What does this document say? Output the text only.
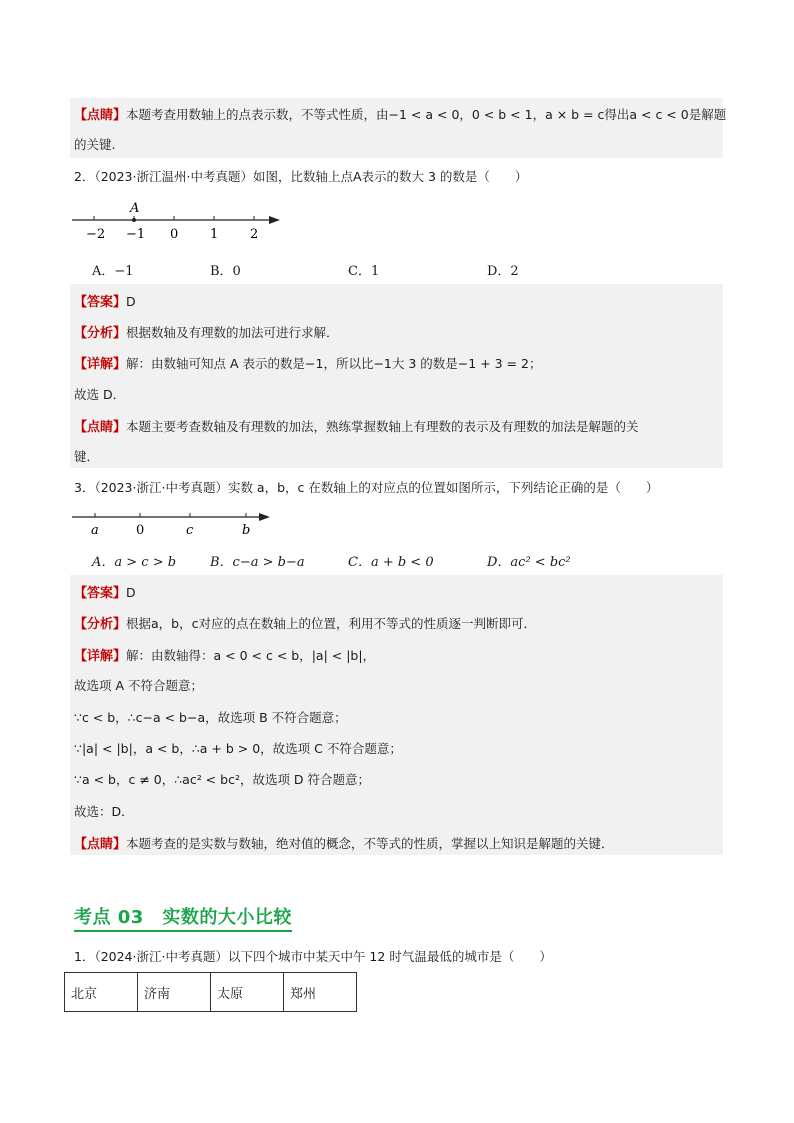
【点睛】本题考查用数轴上的点表示数，不等式性质，由−1 < a < 0，0 < b < 1，a × b = c得出a < c < 0是解题
的关键.
2．（2023·浙江温州·中考真题）如图，比数轴上点A表示的数大 3 的数是（　　）
A
−2 −1 0 1 2
A．−1	B．0	C．1	D．2
【答案】D
【分析】根据数轴及有理数的加法可进行求解．
【详解】解：由数轴可知点 A 表示的数是−1，所以比−1大 3 的数是−1 + 3 = 2；
故选 D．
【点睛】本题主要考查数轴及有理数的加法，熟练掌握数轴上有理数的表示及有理数的加法是解题的关
键．
3．（2023·浙江·中考真题）实数 a，b，c 在数轴上的对应点的位置如图所示，下列结论正确的是（　　）
a	0	c	b
A．a > c > b	B．c−a > b−a	C．a + b < 0	D．ac² < bc²
【答案】D
【分析】根据a，b，c对应的点在数轴上的位置，利用不等式的性质逐一判断即可．
【详解】解：由数轴得：a < 0 < c < b，|a| < |b|，
故选项 A 不符合题意；
∵c < b，∴c−a < b−a，故选项 B 不符合题意；
∵|a| < |b|，a < b，∴a + b > 0，故选项 C 不符合题意；
∵a < b，c ≠ 0，∴ac² < bc²，故选项 D 符合题意；
故选：D．
【点睛】本题考查的是实数与数轴，绝对值的概念，不等式的性质，掌握以上知识是解题的关键．
考点 03　实数的大小比较
1．（2024·浙江·中考真题）以下四个城市中某天中午 12 时气温最低的城市是（　　）
北京	济南	太原	郑州
